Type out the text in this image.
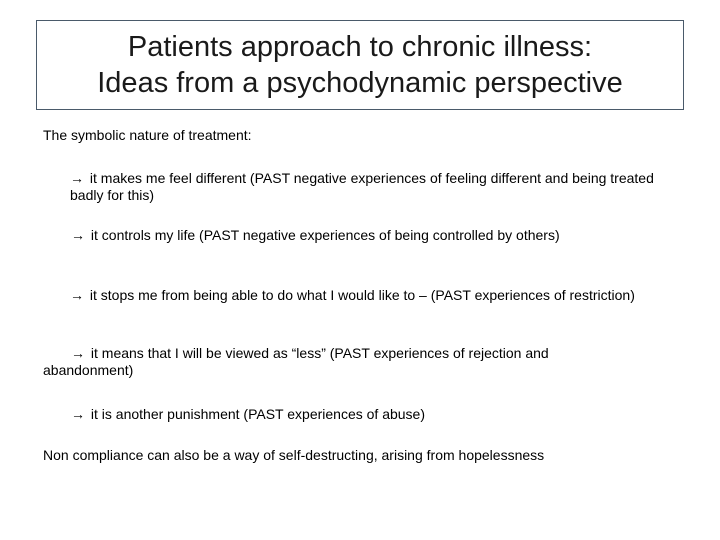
Patients approach to chronic illness:
Ideas from a psychodynamic perspective
The symbolic nature of treatment:
→ it makes me feel different (PAST negative experiences of feeling different and being treated badly for this)
→ it controls my life (PAST negative experiences of being controlled by others)
→ it stops me from being able to do what I would like to – (PAST experiences of restriction)
→ it means that I will be viewed as “less” (PAST experiences of rejection and abandonment)
→ it is another punishment (PAST experiences of abuse)
Non compliance can also be a way of self-destructing, arising from hopelessness
